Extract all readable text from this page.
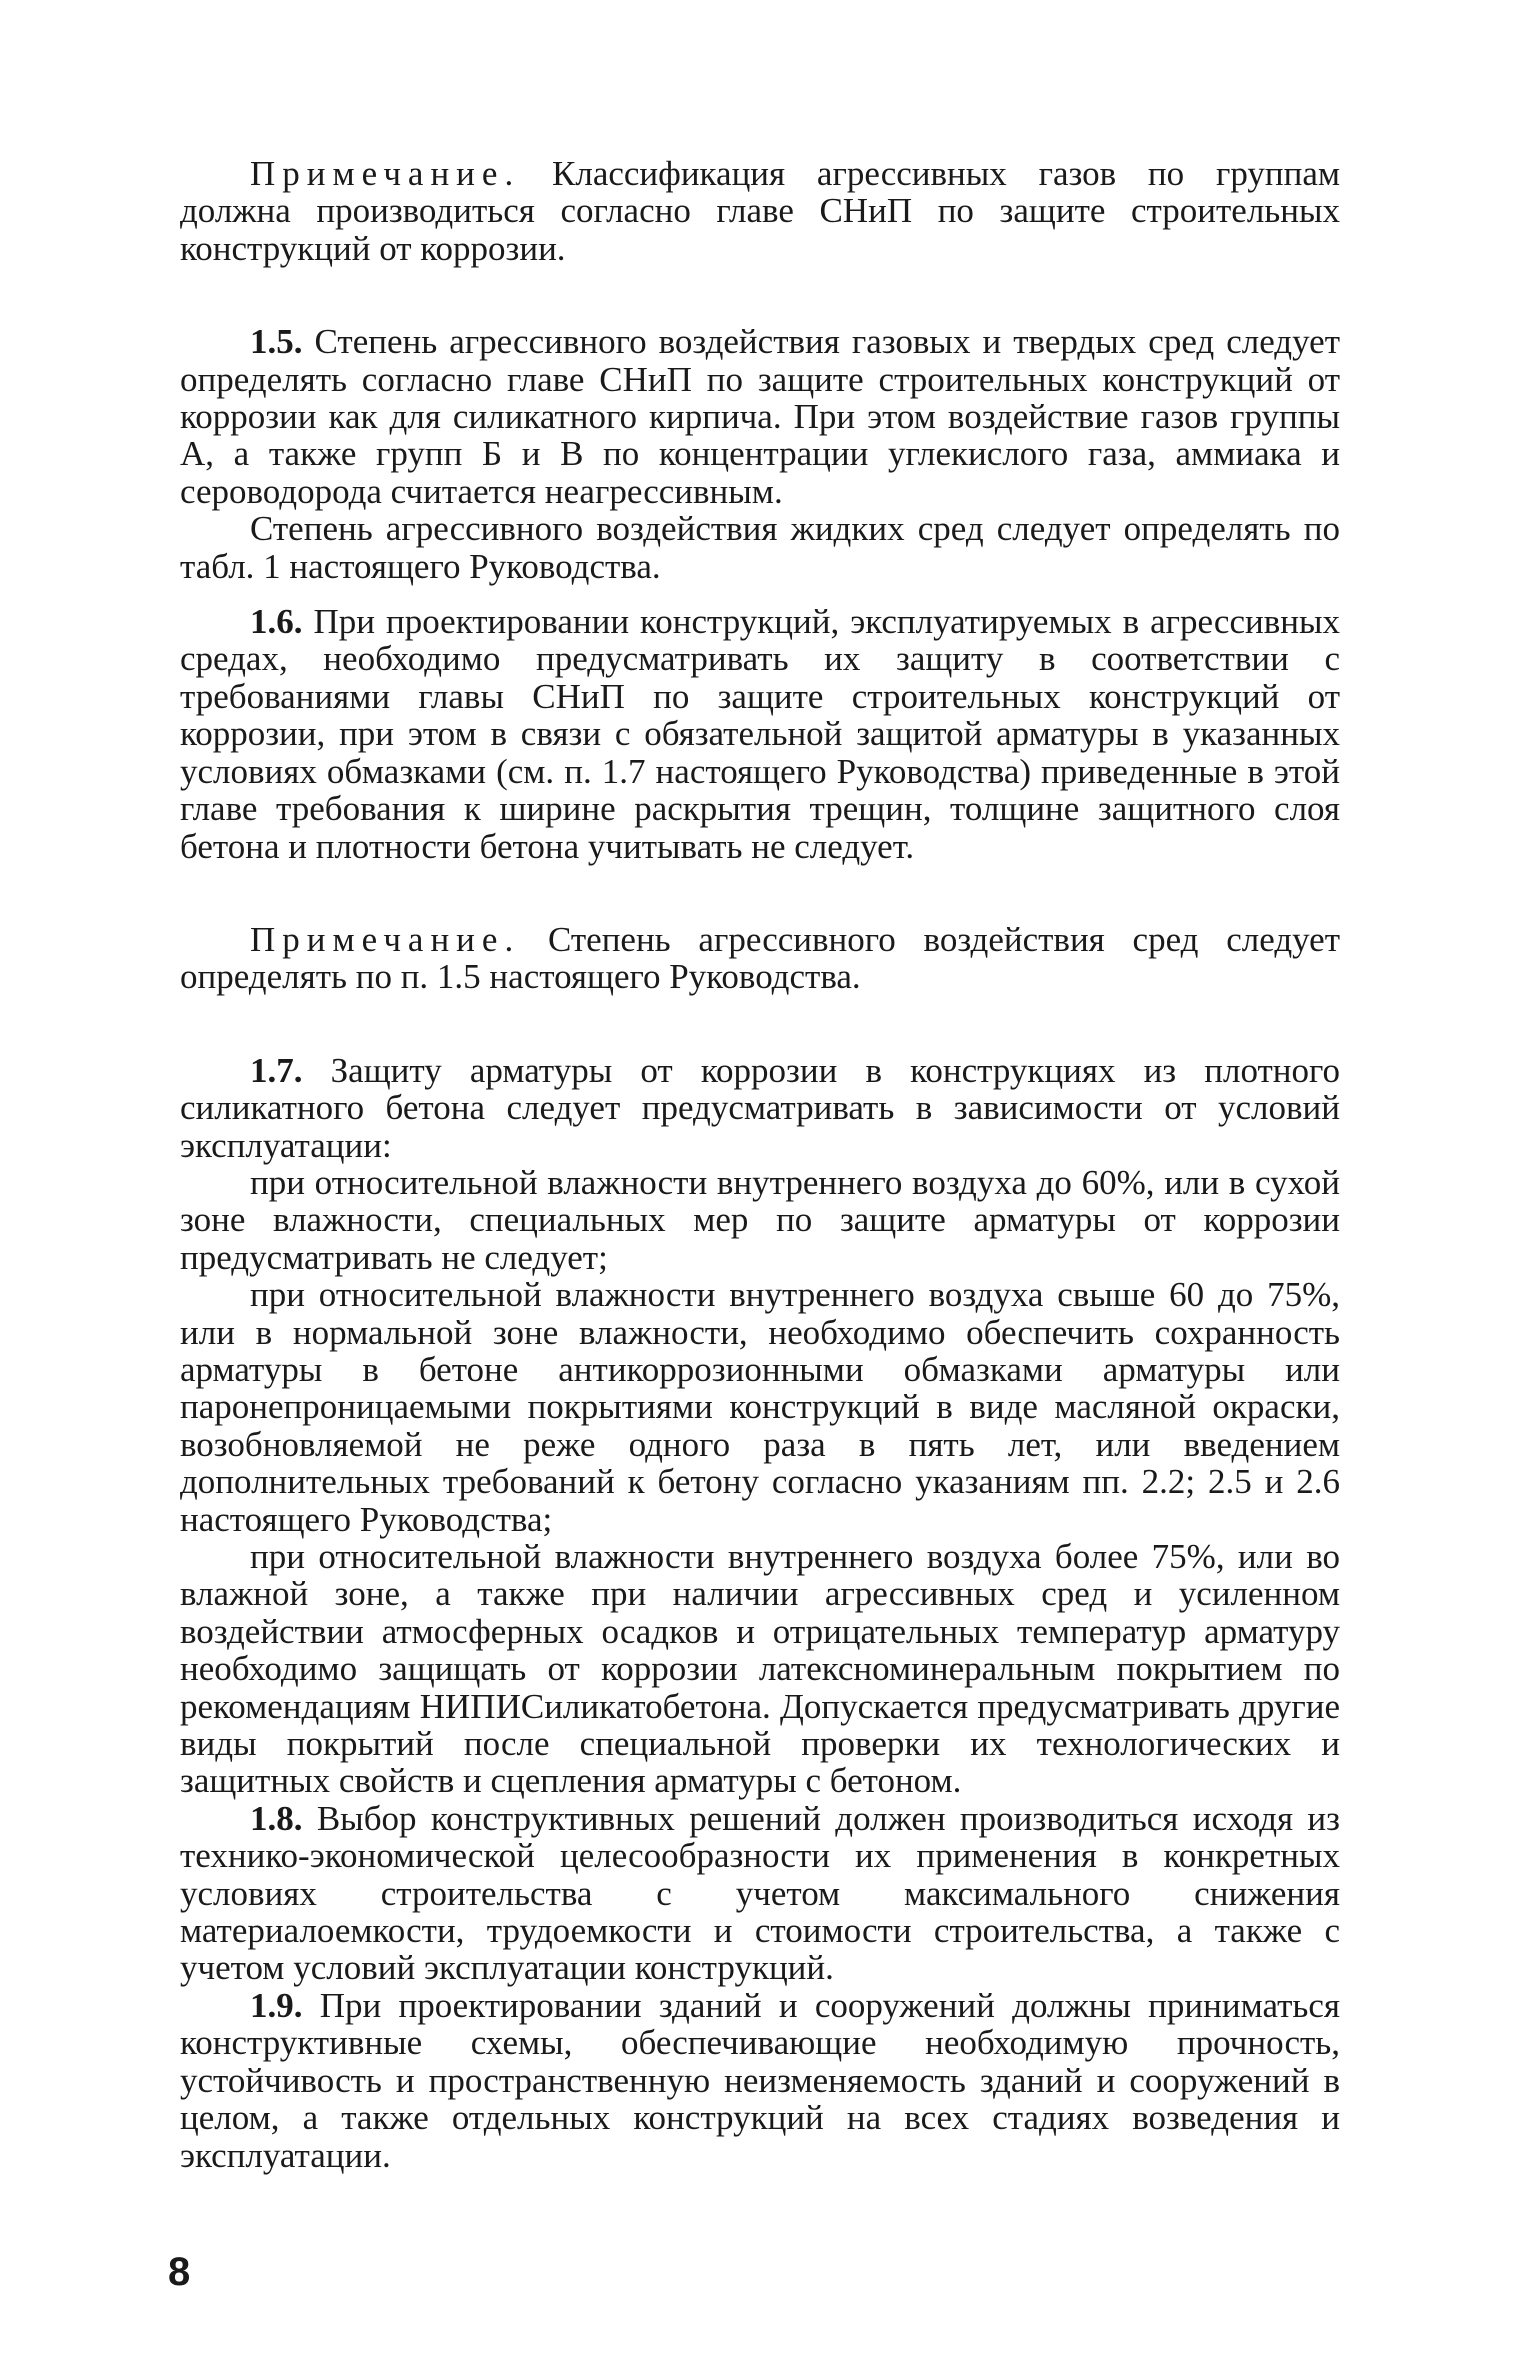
Примечание. Классификация агрессивных газов по группам должна производиться согласно главе СНиП по защите строительных конструкций от коррозии.

1.5. Степень агрессивного воздействия газовых и твердых сред следует определять согласно главе СНиП по защите строительных конструкций от коррозии как для силикатного кирпича. При этом воздействие газов группы А, а также групп Б и В по концентрации углекислого газа, аммиака и сероводорода считается неагрессивным.

Степень агрессивного воздействия жидких сред следует определять по табл. 1 настоящего Руководства.

1.6. При проектировании конструкций, эксплуатируемых в агрессивных средах, необходимо предусматривать их защиту в соответствии с требованиями главы СНиП по защите строительных конструкций от коррозии, при этом в связи с обязательной защитой арматуры в указанных условиях обмазками (см. п. 1.7 настоящего Руководства) приведенные в этой главе требования к ширине раскрытия трещин, толщине защитного слоя бетона и плотности бетона учитывать не следует.

Примечание. Степень агрессивного воздействия сред следует определять по п. 1.5 настоящего Руководства.

1.7. Защиту арматуры от коррозии в конструкциях из плотного силикатного бетона следует предусматривать в зависимости от условий эксплуатации:

при относительной влажности внутреннего воздуха до 60%, или в сухой зоне влажности, специальных мер по защите арматуры от коррозии предусматривать не следует;

при относительной влажности внутреннего воздуха свыше 60 до 75%, или в нормальной зоне влажности, необходимо обеспечить сохранность арматуры в бетоне антикоррозионными обмазками арматуры или паронепроницаемыми покрытиями конструкций в виде масляной окраски, возобновляемой не реже одного раза в пять лет, или введением дополнительных требований к бетону согласно указаниям пп. 2.2; 2.5 и 2.6 настоящего Руководства;

при относительной влажности внутреннего воздуха более 75%, или во влажной зоне, а также при наличии агрессивных сред и усиленном воздействии атмосферных осадков и отрицательных температур арматуру необходимо защищать от коррозии латексноминеральным покрытием по рекомендациям НИПИСиликатобетона. Допускается предусматривать другие виды покрытий после специальной проверки их технологических и защитных свойств и сцепления арматуры с бетоном.

1.8. Выбор конструктивных решений должен производиться исходя из технико-экономической целесообразности их применения в конкретных условиях строительства с учетом максимального снижения материалоемкости, трудоемкости и стоимости строительства, а также с учетом условий эксплуатации конструкций.

1.9. При проектировании зданий и сооружений должны приниматься конструктивные схемы, обеспечивающие необходимую прочность, устойчивость и пространственную неизменяемость зданий и сооружений в целом, а также отдельных конструкций на всех стадиях возведения и эксплуатации.

8
